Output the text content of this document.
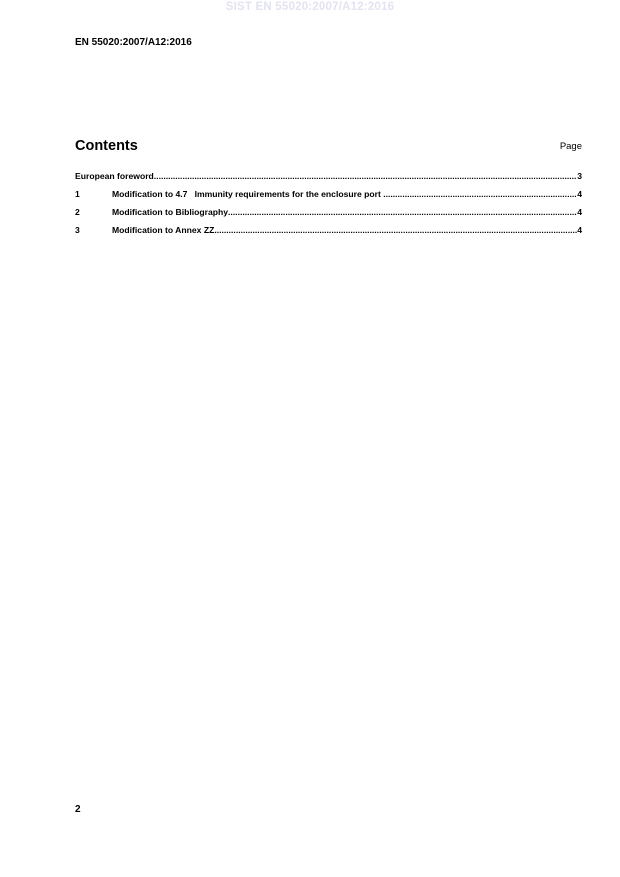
SIST EN 55020:2007/A12:2016
EN 55020:2007/A12:2016
Contents	Page
European foreword .....	3
1	Modification to 4.7   Immunity requirements for the enclosure port .....	4
2	Modification to Bibliography .....	4
3	Modification to Annex ZZ .....	4
2
